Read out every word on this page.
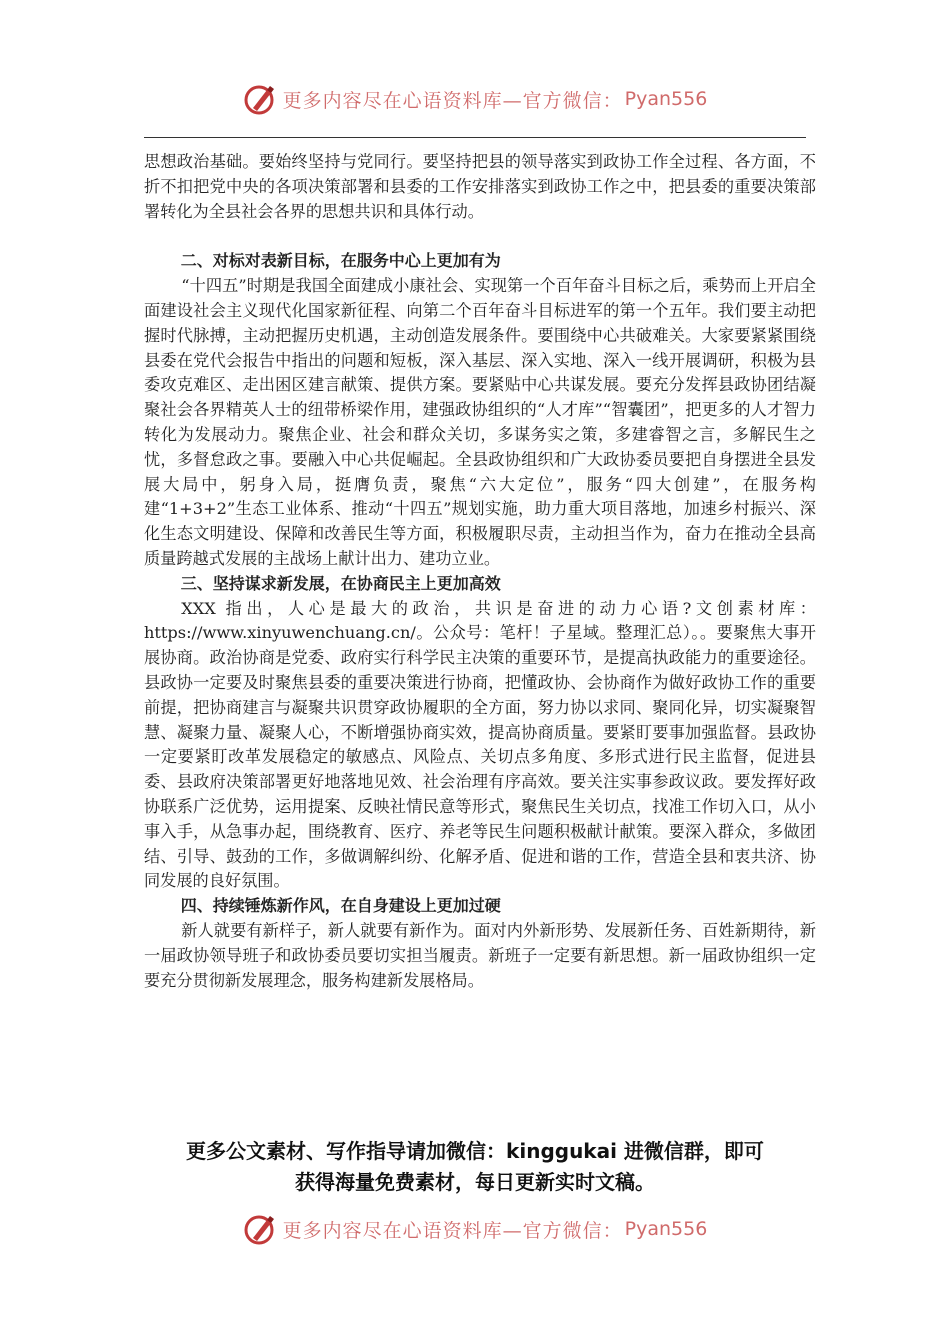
更多内容尽在心语资料库—官方微信： Pyan556

思想政治基础。要始终坚持与党同行。要坚持把县的领导落实到政协工作全过程、各方面，不折不扣把党中央的各项决策部署和县委的工作安排落实到政协工作之中，把县委的重要决策部署转化为全县社会各界的思想共识和具体行动。

二、对标对表新目标，在服务中心上更加有为

“十四五”时期是我国全面建成小康社会、实现第一个百年奋斗目标之后，乘势而上开启全面建设社会主义现代化国家新征程、向第二个百年奋斗目标进军的第一个五年。我们要主动把握时代脉搏，主动把握历史机遇，主动创造发展条件。要围绕中心共破难关。大家要紧紧围绕县委在党代会报告中指出的问题和短板，深入基层、深入实地、深入一线开展调研，积极为县委攻克难区、走出困区建言献策、提供方案。要紧贴中心共谋发展。要充分发挥县政协团结凝聚社会各界精英人士的纽带桥梁作用，建强政协组织的“人才库”“智囊团”，把更多的人才智力转化为发展动力。聚焦企业、社会和群众关切，多谋务实之策，多建睿智之言，多解民生之忧，多督怠政之事。要融入中心共促崛起。全县政协组织和广大政协委员要把自身摆进全县发展大局中，躬身入局，挺膺负责，聚焦“六大定位”，服务“四大创建”，在服务构建“1+3+2”生态工业体系、推动“十四五”规划实施，助力重大项目落地，加速乡村振兴、深化生态文明建设、保障和改善民生等方面，积极履职尽责，主动担当作为，奋力在推动全县高质量跨越式发展的主战场上献计出力、建功立业。

三、坚持谋求新发展，在协商民主上更加高效

XXX 指出，人心是最大的政治，共识是奋进的动力心语?文创素材库：https://www.xinyuwenchuang.cn/。公众号：笔杆！子星域。整理汇总）。。要聚焦大事开展协商。政治协商是党委、政府实行科学民主决策的重要环节，是提高执政能力的重要途径。县政协一定要及时聚焦县委的重要决策进行协商，把懂政协、会协商作为做好政协工作的重要前提，把协商建言与凝聚共识贯穿政协履职的全方面，努力协以求同、聚同化异，切实凝聚智慧、凝聚力量、凝聚人心，不断增强协商实效，提高协商质量。要紧盯要事加强监督。县政协一定要紧盯改革发展稳定的敏感点、风险点、关切点多角度、多形式进行民主监督，促进县委、县政府决策部署更好地落地见效、社会治理有序高效。要关注实事参政议政。要发挥好政协联系广泛优势，运用提案、反映社情民意等形式，聚焦民生关切点，找准工作切入口，从小事入手，从急事办起，围绕教育、医疗、养老等民生问题积极献计献策。要深入群众，多做团结、引导、鼓劲的工作，多做调解纠纷、化解矛盾、促进和谐的工作，营造全县和衷共济、协同发展的良好氛围。

四、持续锤炼新作风，在自身建设上更加过硬

新人就要有新样子，新人就要有新作为。面对内外新形势、发展新任务、百姓新期待，新一届政协领导班子和政协委员要切实担当履责。新班子一定要有新思想。新一届政协组织一定要充分贯彻新发展理念，服务构建新发展格局。

更多公文素材、写作指导请加微信：kinggukai 进微信群，即可
获得海量免费素材，每日更新实时文稿。
更多内容尽在心语资料库—官方微信： Pyan556
